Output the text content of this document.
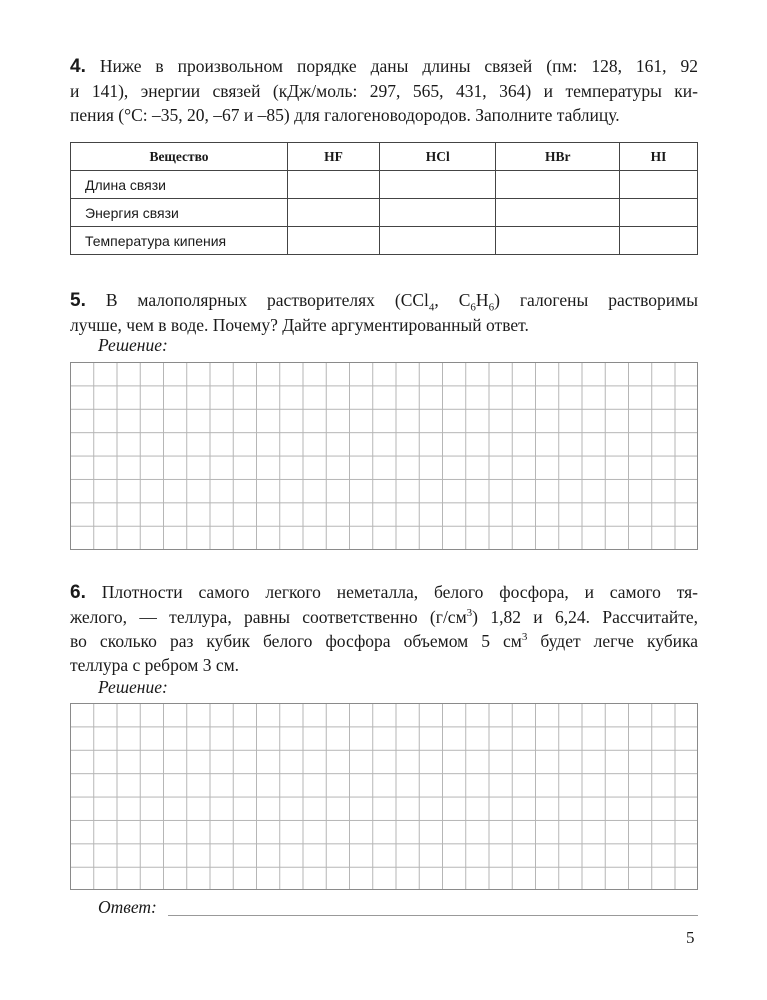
4. Ниже в произвольном порядке даны длины связей (пм: 128, 161, 92
и 141), энергии связей (кДж/моль: 297, 565, 431, 364) и температуры ки-
пения (°С: –35, 20, –67 и –85) для галогеноводородов. Заполните таблицу.
Вещество	HF	HCl	HBr	HI
Длина связи				
Энергия связи				
Температура кипения				
5. В малополярных растворителях (CCl$_4$, $C_6H_6$) галогены растворимы
лучше, чем в воде. Почему? Дайте аргументированный ответ.
Решение:
6. Плотности самого легкого неметалла, белого фосфора, и самого тя-
желого, — теллура, равны соответственно $(г/см^3)$ 1,82 и 6,24. Рассчитайте,
во сколько раз кубик белого фосфора объемом 5 $см^3$ будет легче кубика
теллура с ребром 3 см.
Решение:
Ответ:
5
